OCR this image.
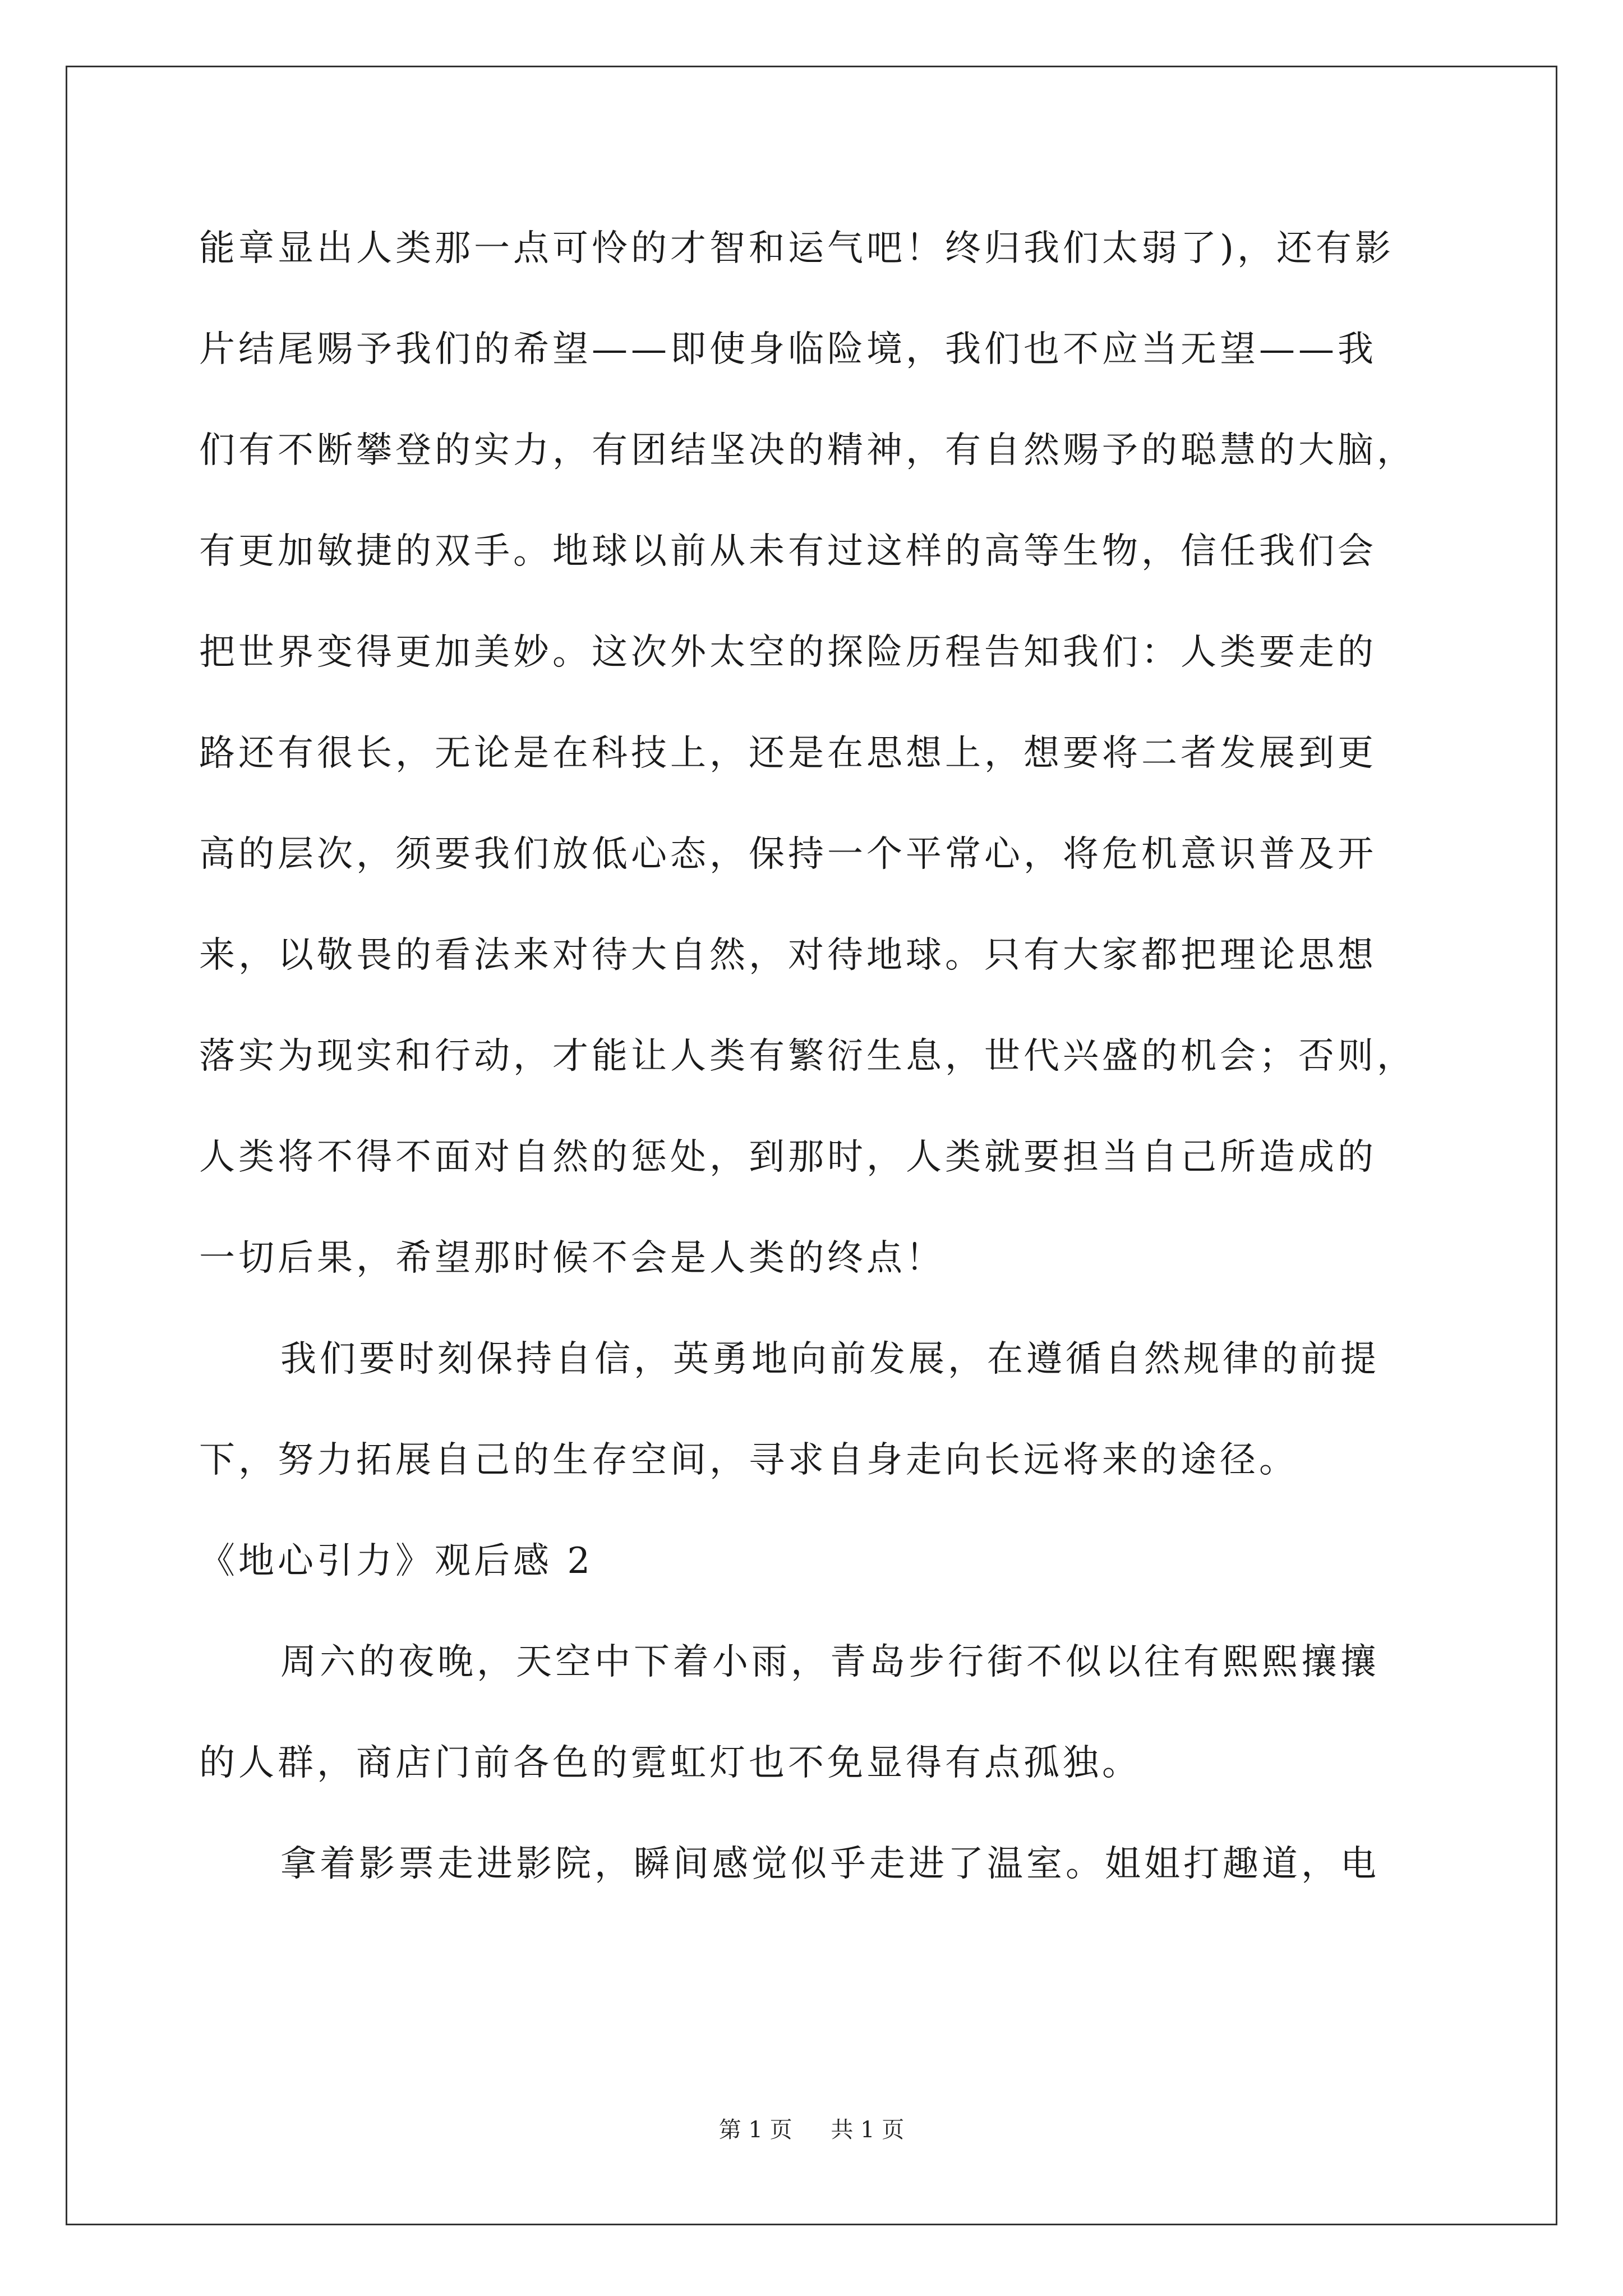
能章显出人类那一点可怜的才智和运气吧！终归我们太弱了)，还有影
片结尾赐予我们的希望——即使身临险境，我们也不应当无望——我
们有不断攀登的实力，有团结坚决的精神，有自然赐予的聪慧的大脑，
有更加敏捷的双手。地球以前从未有过这样的高等生物，信任我们会
把世界变得更加美妙。这次外太空的探险历程告知我们：人类要走的
路还有很长，无论是在科技上，还是在思想上，想要将二者发展到更
高的层次，须要我们放低心态，保持一个平常心，将危机意识普及开
来，以敬畏的看法来对待大自然，对待地球。只有大家都把理论思想
落实为现实和行动，才能让人类有繁衍生息，世代兴盛的机会；否则，
人类将不得不面对自然的惩处，到那时，人类就要担当自己所造成的
一切后果，希望那时候不会是人类的终点！
我们要时刻保持自信，英勇地向前发展，在遵循自然规律的前提
下，努力拓展自己的生存空间，寻求自身走向长远将来的途径。
《地心引力》观后感 2
周六的夜晚，天空中下着小雨，青岛步行街不似以往有熙熙攘攘
的人群，商店门前各色的霓虹灯也不免显得有点孤独。
拿着影票走进影院，瞬间感觉似乎走进了温室。姐姐打趣道，电
第 1 页 共 1 页
